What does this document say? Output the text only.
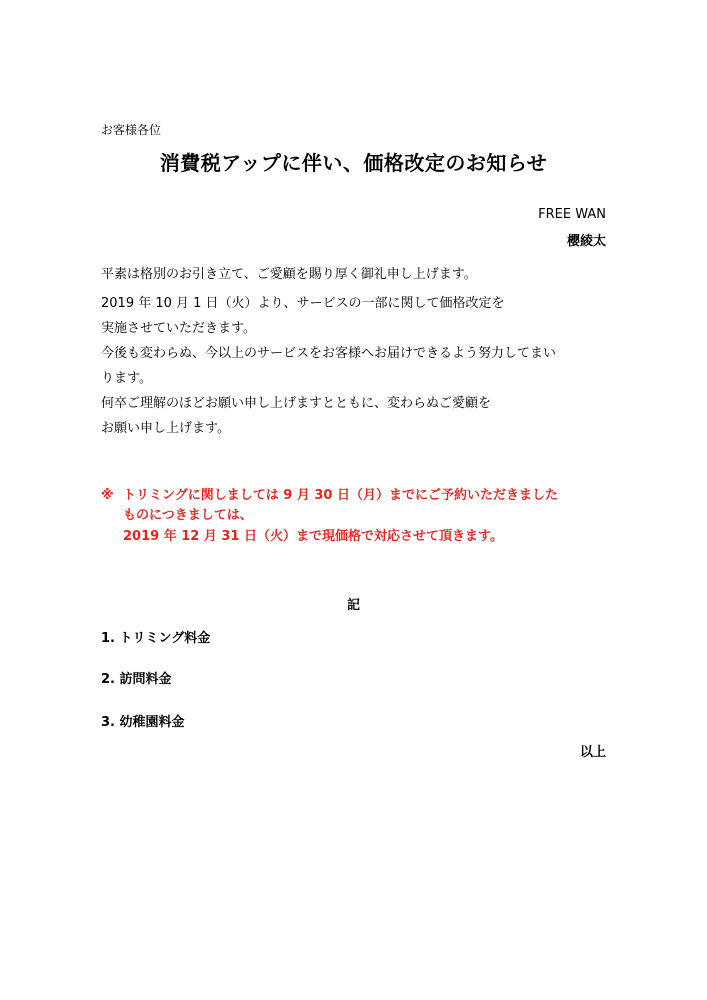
お客様各位
消費税アップに伴い、価格改定のお知らせ
FREE WAN
櫻綾太
平素は格別のお引き立て、ご愛顧を賜り厚く御礼申し上げます。
2019 年 10 月 1 日（火）より、サービスの一部に関して価格改定を
実施させていただきます。
今後も変わらぬ、今以上のサービスをお客様へお届けできるよう努力してまい
ります。
何卒ご理解のほどお願い申し上げますとともに、変わらぬご愛顧を
お願い申し上げます。
※ トリミングに関しましては 9 月 30 日（月）までにご予約いただきました
ものにつきましては、
2019 年 12 月 31 日（火）まで現価格で対応させて頂きます。
記
1. トリミング料金
2. 訪問料金
3. 幼稚園料金
以上
